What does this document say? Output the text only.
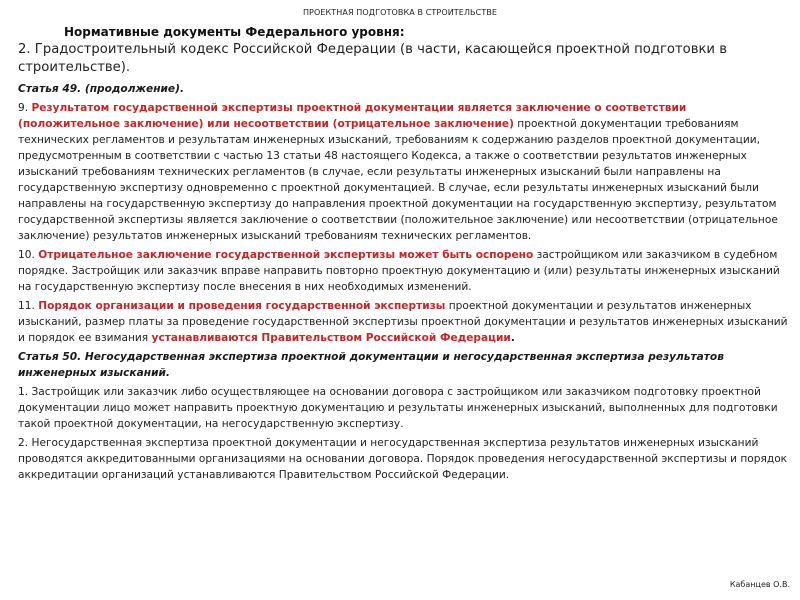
ПРОЕКТНАЯ ПОДГОТОВКА В СТРОИТЕЛЬСТВЕ
Нормативные документы Федерального уровня:
2. Градостроительный кодекс Российской Федерации (в части, касающейся проектной подготовки в строительстве).

Статья 49. (продолжение).

9. Результатом государственной экспертизы проектной документации является заключение о соответствии (положительное заключение) или несоответствии (отрицательное заключение) проектной документации требованиям технических регламентов и результатам инженерных изысканий, требованиям к содержанию разделов проектной документации, предусмотренным в соответствии с частью 13 статьи 48 настоящего Кодекса, а также о соответствии результатов инженерных изысканий требованиям технических регламентов (в случае, если результаты инженерных изысканий были направлены на государственную экспертизу одновременно с проектной документацией. В случае, если результаты инженерных изысканий были направлены на государственную экспертизу до направления проектной документации на государственную экспертизу, результатом государственной экспертизы является заключение о соответствии (положительное заключение) или несоответствии (отрицательное заключение) результатов инженерных изысканий требованиям технических регламентов.

10. Отрицательное заключение государственной экспертизы может быть оспорено застройщиком или заказчиком в судебном порядке. Застройщик или заказчик вправе направить повторно проектную документацию и (или) результаты инженерных изысканий на государственную экспертизу после внесения в них необходимых изменений.

11. Порядок организации и проведения государственной экспертизы проектной документации и результатов инженерных изысканий, размер платы за проведение государственной экспертизы проектной документации и результатов инженерных изысканий и порядок ее взимания устанавливаются Правительством Российской Федерации.

Статья 50. Негосударственная экспертиза проектной документации и негосударственная экспертиза результатов инженерных изысканий.

1. Застройщик или заказчик либо осуществляющее на основании договора с застройщиком или заказчиком подготовку проектной документации лицо может направить проектную документацию и результаты инженерных изысканий, выполненных для подготовки такой проектной документации, на негосударственную экспертизу.

2. Негосударственная экспертиза проектной документации и негосударственная экспертиза результатов инженерных изысканий проводятся аккредитованными организациями на основании договора. Порядок проведения негосударственной экспертизы и порядок аккредитации организаций устанавливаются Правительством Российской Федерации.

Кабанцев О.В.
